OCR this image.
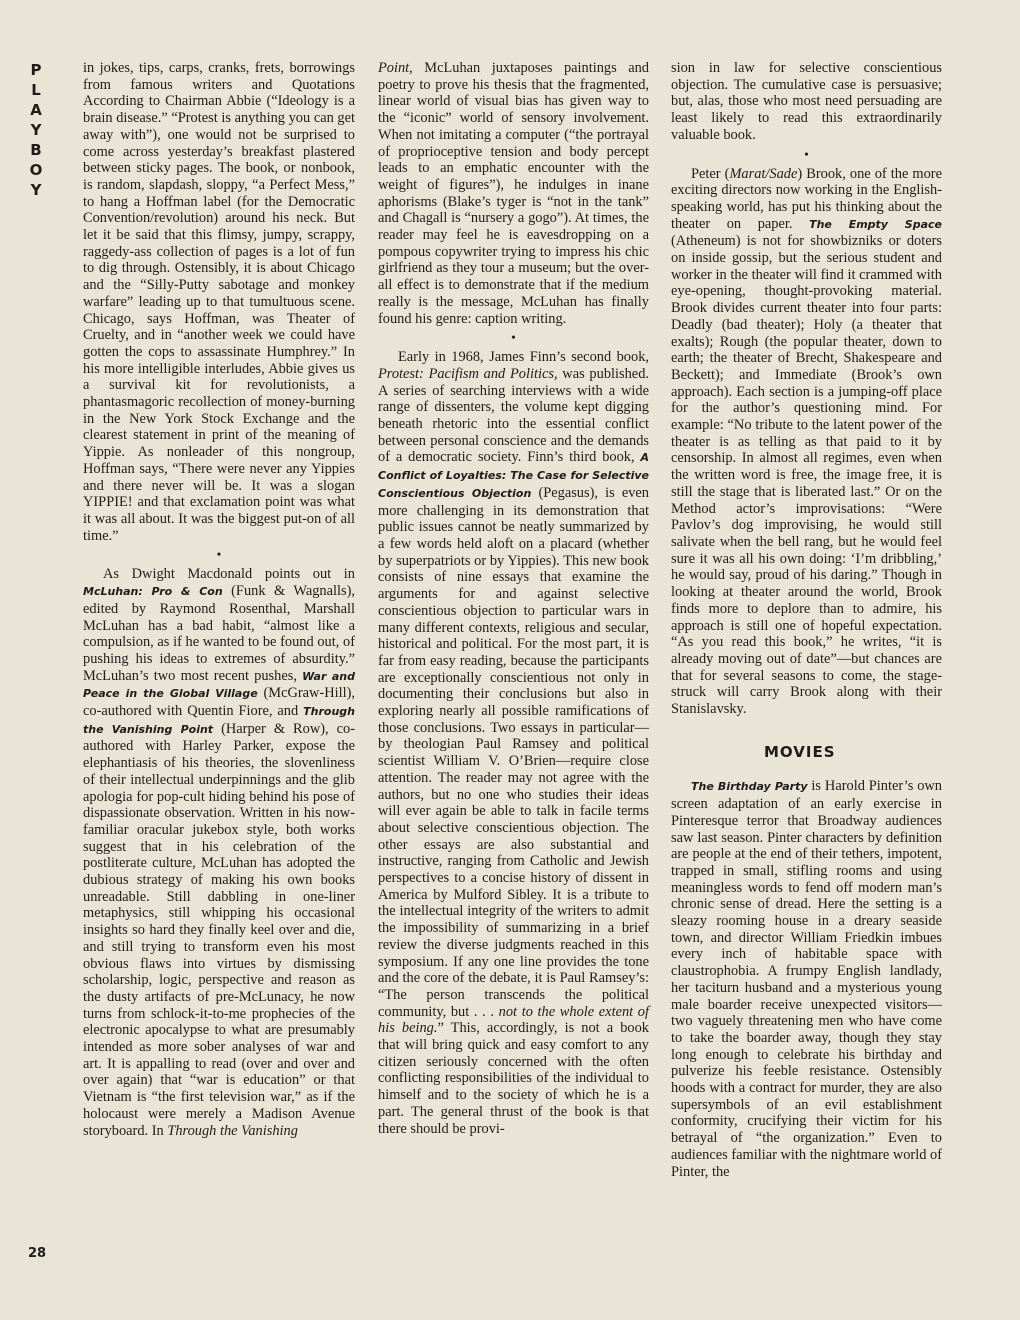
P
L
A
Y
B
O
Y
28

in jokes, tips, carps, cranks, frets, borrowings from famous writers and Quotations According to Chairman Abbie (“Ideology is a brain disease.” “Protest is anything you can get away with”), one would not be surprised to come across yesterday’s breakfast plastered between sticky pages. The book, or nonbook, is random, slapdash, sloppy, “a Perfect Mess,” to hang a Hoffman label (for the Democratic Convention/revolution) around his neck. But let it be said that this flimsy, jumpy, scrappy, raggedy-ass collection of pages is a lot of fun to dig through. Ostensibly, it is about Chicago and the “Silly-Putty sabotage and monkey warfare” leading up to that tumultuous scene. Chicago, says Hoffman, was Theater of Cruelty, and in “another week we could have gotten the cops to assassinate Humphrey.” In his more intelligible interludes, Abbie gives us a survival kit for revolutionists, a phantasmagoric recollection of money-burning in the New York Stock Exchange and the clearest statement in print of the meaning of Yippie. As nonleader of this nongroup, Hoffman says, “There were never any Yippies and there never will be. It was a slogan YIPPIE! and that exclamation point was what it was all about. It was the biggest put-on of all time.”

•

As Dwight Macdonald points out in McLuhan: Pro & Con (Funk & Wagnalls), edited by Raymond Rosenthal, Marshall McLuhan has a bad habit, “almost like a compulsion, as if he wanted to be found out, of pushing his ideas to extremes of absurdity.” McLuhan’s two most recent pushes, War and Peace in the Global Village (McGraw-Hill), co-authored with Quentin Fiore, and Through the Vanishing Point (Harper & Row), co-authored with Harley Parker, expose the elephantiasis of his theories, the slovenliness of their intellectual underpinnings and the glib apologia for pop-cult hiding behind his pose of dispassionate observation. Written in his now-familiar oracular jukebox style, both works suggest that in his celebration of the postliterate culture, McLuhan has adopted the dubious strategy of making his own books unreadable. Still dabbling in one-liner metaphysics, still whipping his occasional insights so hard they finally keel over and die, and still trying to transform even his most obvious flaws into virtues by dismissing scholarship, logic, perspective and reason as the dusty artifacts of pre-McLunacy, he now turns from schlock-it-to-me prophecies of the electronic apocalypse to what are presumably intended as more sober analyses of war and art. It is appalling to read (over and over and over again) that “war is education” or that Vietnam is “the first television war,” as if the holocaust were merely a Madison Avenue storyboard. In Through the Vanishing

Point, McLuhan juxtaposes paintings and poetry to prove his thesis that the fragmented, linear world of visual bias has given way to the “iconic” world of sensory involvement. When not imitating a computer (“the portrayal of proprioceptive tension and body percept leads to an emphatic encounter with the weight of figures”), he indulges in inane aphorisms (Blake’s tyger is “not in the tank” and Chagall is “nursery a gogo”). At times, the reader may feel he is eavesdropping on a pompous copywriter trying to impress his chic girlfriend as they tour a museum; but the over-all effect is to demonstrate that if the medium really is the message, McLuhan has finally found his genre: caption writing.

•

Early in 1968, James Finn’s second book, Protest: Pacifism and Politics, was published. A series of searching interviews with a wide range of dissenters, the volume kept digging beneath rhetoric into the essential conflict between personal conscience and the demands of a democratic society. Finn’s third book, A Conflict of Loyalties: The Case for Selective Conscientious Objection (Pegasus), is even more challenging in its demonstration that public issues cannot be neatly summarized by a few words held aloft on a placard (whether by superpatriots or by Yippies). This new book consists of nine essays that examine the arguments for and against selective conscientious objection to particular wars in many different contexts, religious and secular, historical and political. For the most part, it is far from easy reading, because the participants are exceptionally conscientious not only in documenting their conclusions but also in exploring nearly all possible ramifications of those conclusions. Two essays in particular—by theologian Paul Ramsey and political scientist William V. O’Brien—require close attention. The reader may not agree with the authors, but no one who studies their ideas will ever again be able to talk in facile terms about selective conscientious objection. The other essays are also substantial and instructive, ranging from Catholic and Jewish perspectives to a concise history of dissent in America by Mulford Sibley. It is a tribute to the intellectual integrity of the writers to admit the impossibility of summarizing in a brief review the diverse judgments reached in this symposium. If any one line provides the tone and the core of the debate, it is Paul Ramsey’s: “The person transcends the political community, but . . . not to the whole extent of his being.” This, accordingly, is not a book that will bring quick and easy comfort to any citizen seriously concerned with the often conflicting responsibilities of the individual to himself and to the society of which he is a part. The general thrust of the book is that there should be provi-

sion in law for selective conscientious objection. The cumulative case is persuasive; but, alas, those who most need persuading are least likely to read this extraordinarily valuable book.

•

Peter (Marat/Sade) Brook, one of the more exciting directors now working in the English-speaking world, has put his thinking about the theater on paper. The Empty Space (Atheneum) is not for showbizniks or doters on inside gossip, but the serious student and worker in the theater will find it crammed with eye-opening, thought-provoking material. Brook divides current theater into four parts: Deadly (bad theater); Holy (a theater that exalts); Rough (the popular theater, down to earth; the theater of Brecht, Shakespeare and Beckett); and Immediate (Brook’s own approach). Each section is a jumping-off place for the author’s questioning mind. For example: “No tribute to the latent power of the theater is as telling as that paid to it by censorship. In almost all regimes, even when the written word is free, the image free, it is still the stage that is liberated last.” Or on the Method actor’s improvisations: “Were Pavlov’s dog improvising, he would still salivate when the bell rang, but he would feel sure it was all his own doing: ‘I’m dribbling,’ he would say, proud of his daring.” Though in looking at theater around the world, Brook finds more to deplore than to admire, his approach is still one of hopeful expectation. “As you read this book,” he writes, “it is already moving out of date”—but chances are that for several seasons to come, the stage-struck will carry Brook along with their Stanislavsky.

MOVIES

The Birthday Party is Harold Pinter’s own screen adaptation of an early exercise in Pinteresque terror that Broadway audiences saw last season. Pinter characters by definition are people at the end of their tethers, impotent, trapped in small, stifling rooms and using meaningless words to fend off modern man’s chronic sense of dread. Here the setting is a sleazy rooming house in a dreary seaside town, and director William Friedkin imbues every inch of habitable space with claustrophobia. A frumpy English landlady, her taciturn husband and a mysterious young male boarder receive unexpected visitors—two vaguely threatening men who have come to take the boarder away, though they stay long enough to celebrate his birthday and pulverize his feeble resistance. Ostensibly hoods with a contract for murder, they are also supersymbols of an evil establishment conformity, crucifying their victim for his betrayal of “the organization.” Even to audiences familiar with the nightmare world of Pinter, the
